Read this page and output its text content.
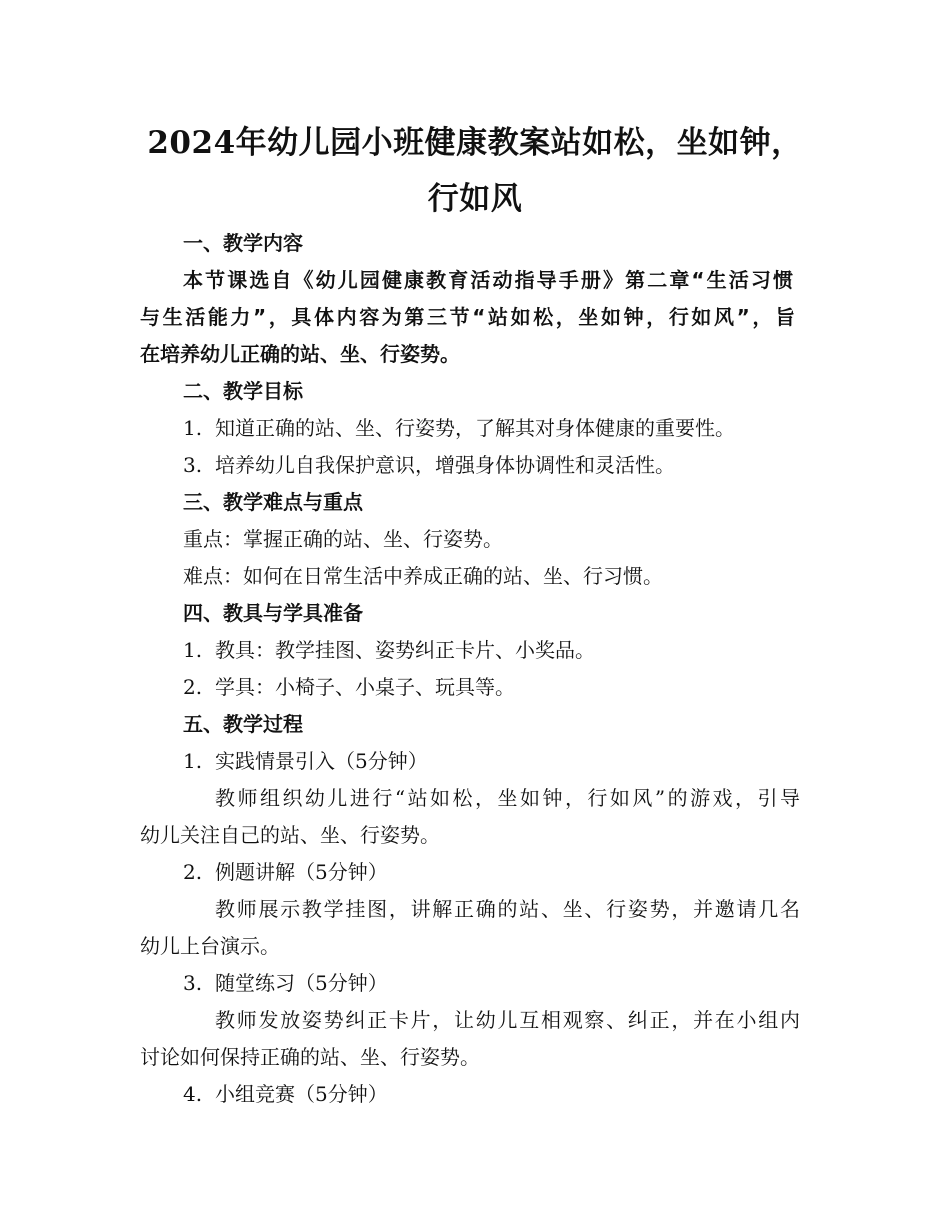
2024年幼儿园小班健康教案站如松，坐如钟，
行如风
一、教学内容
本节课选自《幼儿园健康教育活动指导手册》第二章“生活习惯
与生活能力”，具体内容为第三节“站如松，坐如钟，行如风”，旨
在培养幼儿正确的站、坐、行姿势。
二、教学目标
1. 知道正确的站、坐、行姿势，了解其对身体健康的重要性。
3. 培养幼儿自我保护意识，增强身体协调性和灵活性。
三、教学难点与重点
重点：掌握正确的站、坐、行姿势。
难点：如何在日常生活中养成正确的站、坐、行习惯。
四、教具与学具准备
1. 教具：教学挂图、姿势纠正卡片、小奖品。
2. 学具：小椅子、小桌子、玩具等。
五、教学过程
1. 实践情景引入（5分钟）
教师组织幼儿进行“站如松，坐如钟，行如风”的游戏，引导
幼儿关注自己的站、坐、行姿势。
2. 例题讲解（5分钟）
教师展示教学挂图，讲解正确的站、坐、行姿势，并邀请几名
幼儿上台演示。
3. 随堂练习（5分钟）
教师发放姿势纠正卡片，让幼儿互相观察、纠正，并在小组内
讨论如何保持正确的站、坐、行姿势。
4. 小组竞赛（5分钟）
